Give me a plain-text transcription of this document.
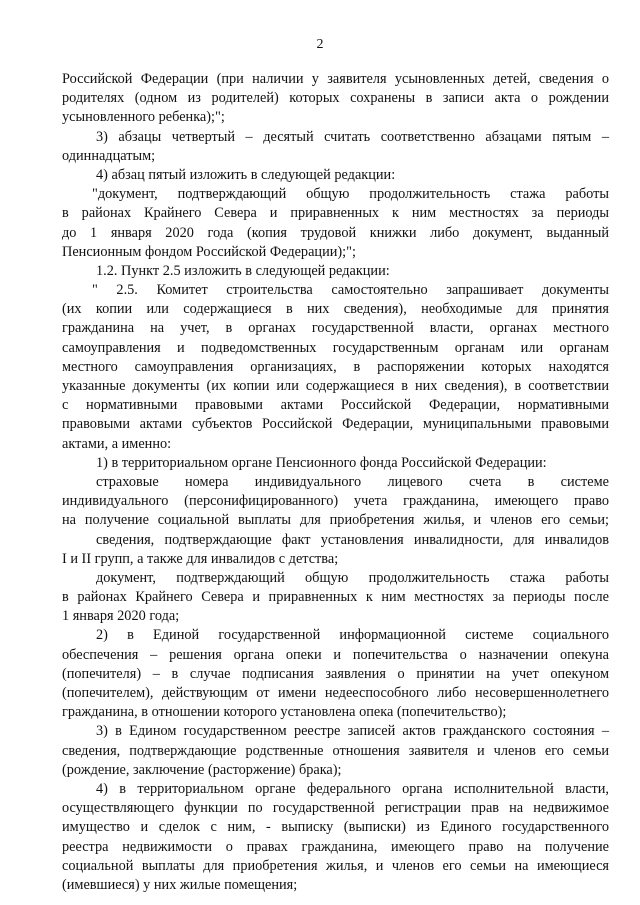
2
Российской Федерации (при наличии у заявителя усыновленных детей, сведения о
родителях (одном из родителей) которых сохранены в записи акта о рождении
усыновленного ребенка);";
3) абзацы четвертый – десятый считать соответственно абзацами пятым –
одиннадцатым;
4) абзац пятый изложить в следующей редакции:
"документ, подтверждающий общую продолжительность стажа работы
в районах Крайнего Севера и приравненных к ним местностях за периоды
до 1 января 2020 года (копия трудовой книжки либо документ, выданный
Пенсионным фондом Российской Федерации);";
1.2. Пункт 2.5 изложить в следующей редакции:
" 2.5. Комитет строительства самостоятельно запрашивает документы
(их копии или содержащиеся в них сведения), необходимые для принятия
гражданина на учет, в органах государственной власти, органах местного
самоуправления и подведомственных государственным органам или органам
местного самоуправления организациях, в распоряжении которых находятся
указанные документы (их копии или содержащиеся в них сведения), в соответствии
с нормативными правовыми актами Российской Федерации, нормативными
правовыми актами субъектов Российской Федерации, муниципальными правовыми
актами, а именно:
1) в территориальном органе Пенсионного фонда Российской Федерации:
страховые номера индивидуального лицевого счета в системе
индивидуального (персонифицированного) учета гражданина, имеющего право
на получение социальной выплаты для приобретения жилья, и членов его семьи;
сведения, подтверждающие факт установления инвалидности, для инвалидов
I и II групп, а также для инвалидов с детства;
документ, подтверждающий общую продолжительность стажа работы
в районах Крайнего Севера и приравненных к ним местностях за периоды после
1 января 2020 года;
2) в Единой государственной информационной системе социального
обеспечения – решения органа опеки и попечительства о назначении опекуна
(попечителя) – в случае подписания заявления о принятии на учет опекуном
(попечителем), действующим от имени недееспособного либо несовершеннолетнего
гражданина, в отношении которого установлена опека (попечительство);
3) в Едином государственном реестре записей актов гражданского состояния –
сведения, подтверждающие родственные отношения заявителя и членов его семьи
(рождение, заключение (расторжение) брака);
4) в территориальном органе федерального органа исполнительной власти,
осуществляющего функции по государственной регистрации прав на недвижимое
имущество и сделок с ним, - выписку (выписки) из Единого государственного
реестра недвижимости о правах гражданина, имеющего право на получение
социальной выплаты для приобретения жилья, и членов его семьи на имеющиеся
(имевшиеся) у них жилые помещения;
